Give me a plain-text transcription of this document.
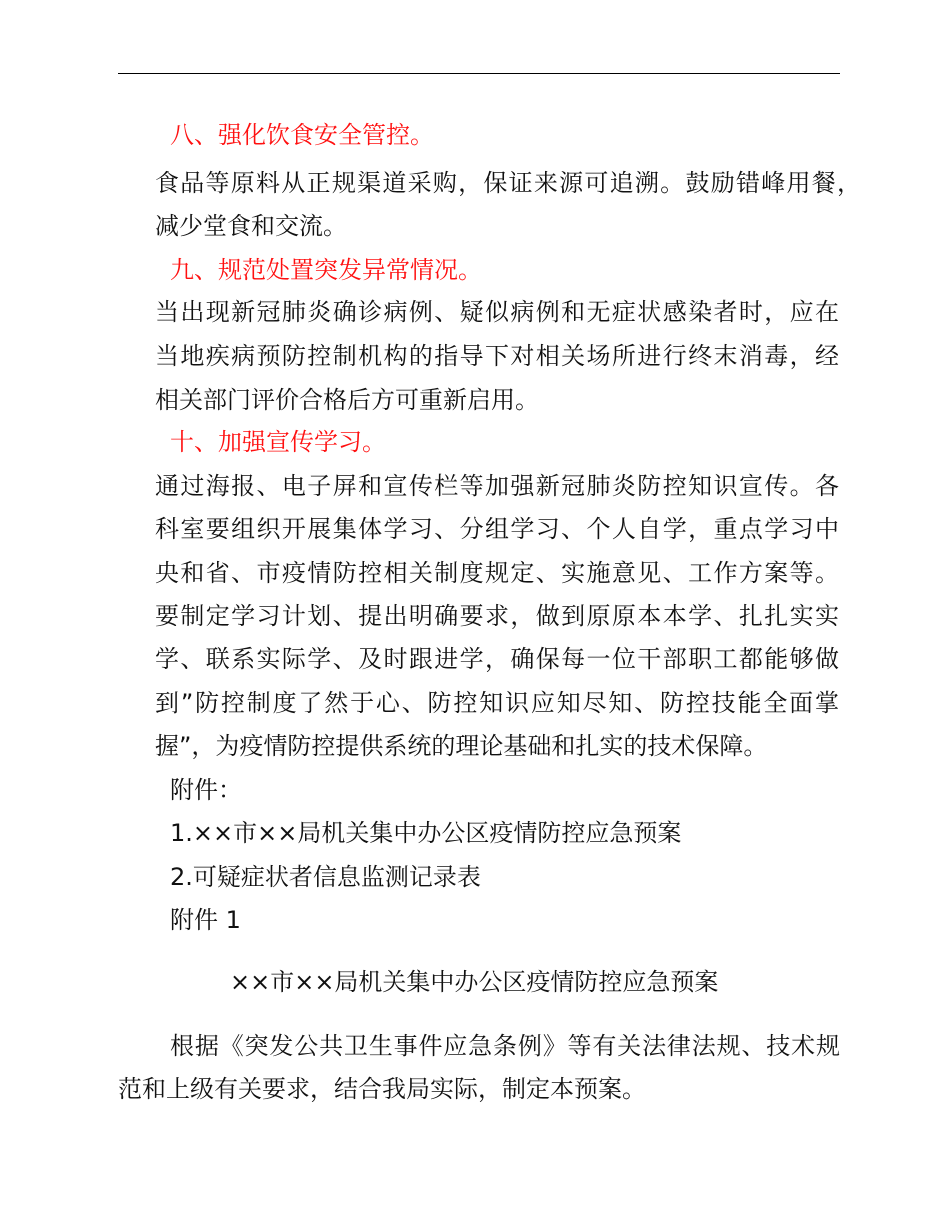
八、强化饮食安全管控。
食品等原料从正规渠道采购，保证来源可追溯。鼓励错峰用餐，
减少堂食和交流。
九、规范处置突发异常情况。
当出现新冠肺炎确诊病例、疑似病例和无症状感染者时，应在
当地疾病预防控制机构的指导下对相关场所进行终末消毒，经
相关部门评价合格后方可重新启用。
十、加强宣传学习。
通过海报、电子屏和宣传栏等加强新冠肺炎防控知识宣传。各
科室要组织开展集体学习、分组学习、个人自学，重点学习中
央和省、市疫情防控相关制度规定、实施意见、工作方案等。
要制定学习计划、提出明确要求，做到原原本本学、扎扎实实
学、联系实际学、及时跟进学，确保每一位干部职工都能够做
到”防控制度了然于心、防控知识应知尽知、防控技能全面掌
握”，为疫情防控提供系统的理论基础和扎实的技术保障。
附件：
1.××市××局机关集中办公区疫情防控应急预案
2.可疑症状者信息监测记录表
附件 1
××市××局机关集中办公区疫情防控应急预案
根据《突发公共卫生事件应急条例》等有关法律法规、技术规
范和上级有关要求，结合我局实际，制定本预案。
